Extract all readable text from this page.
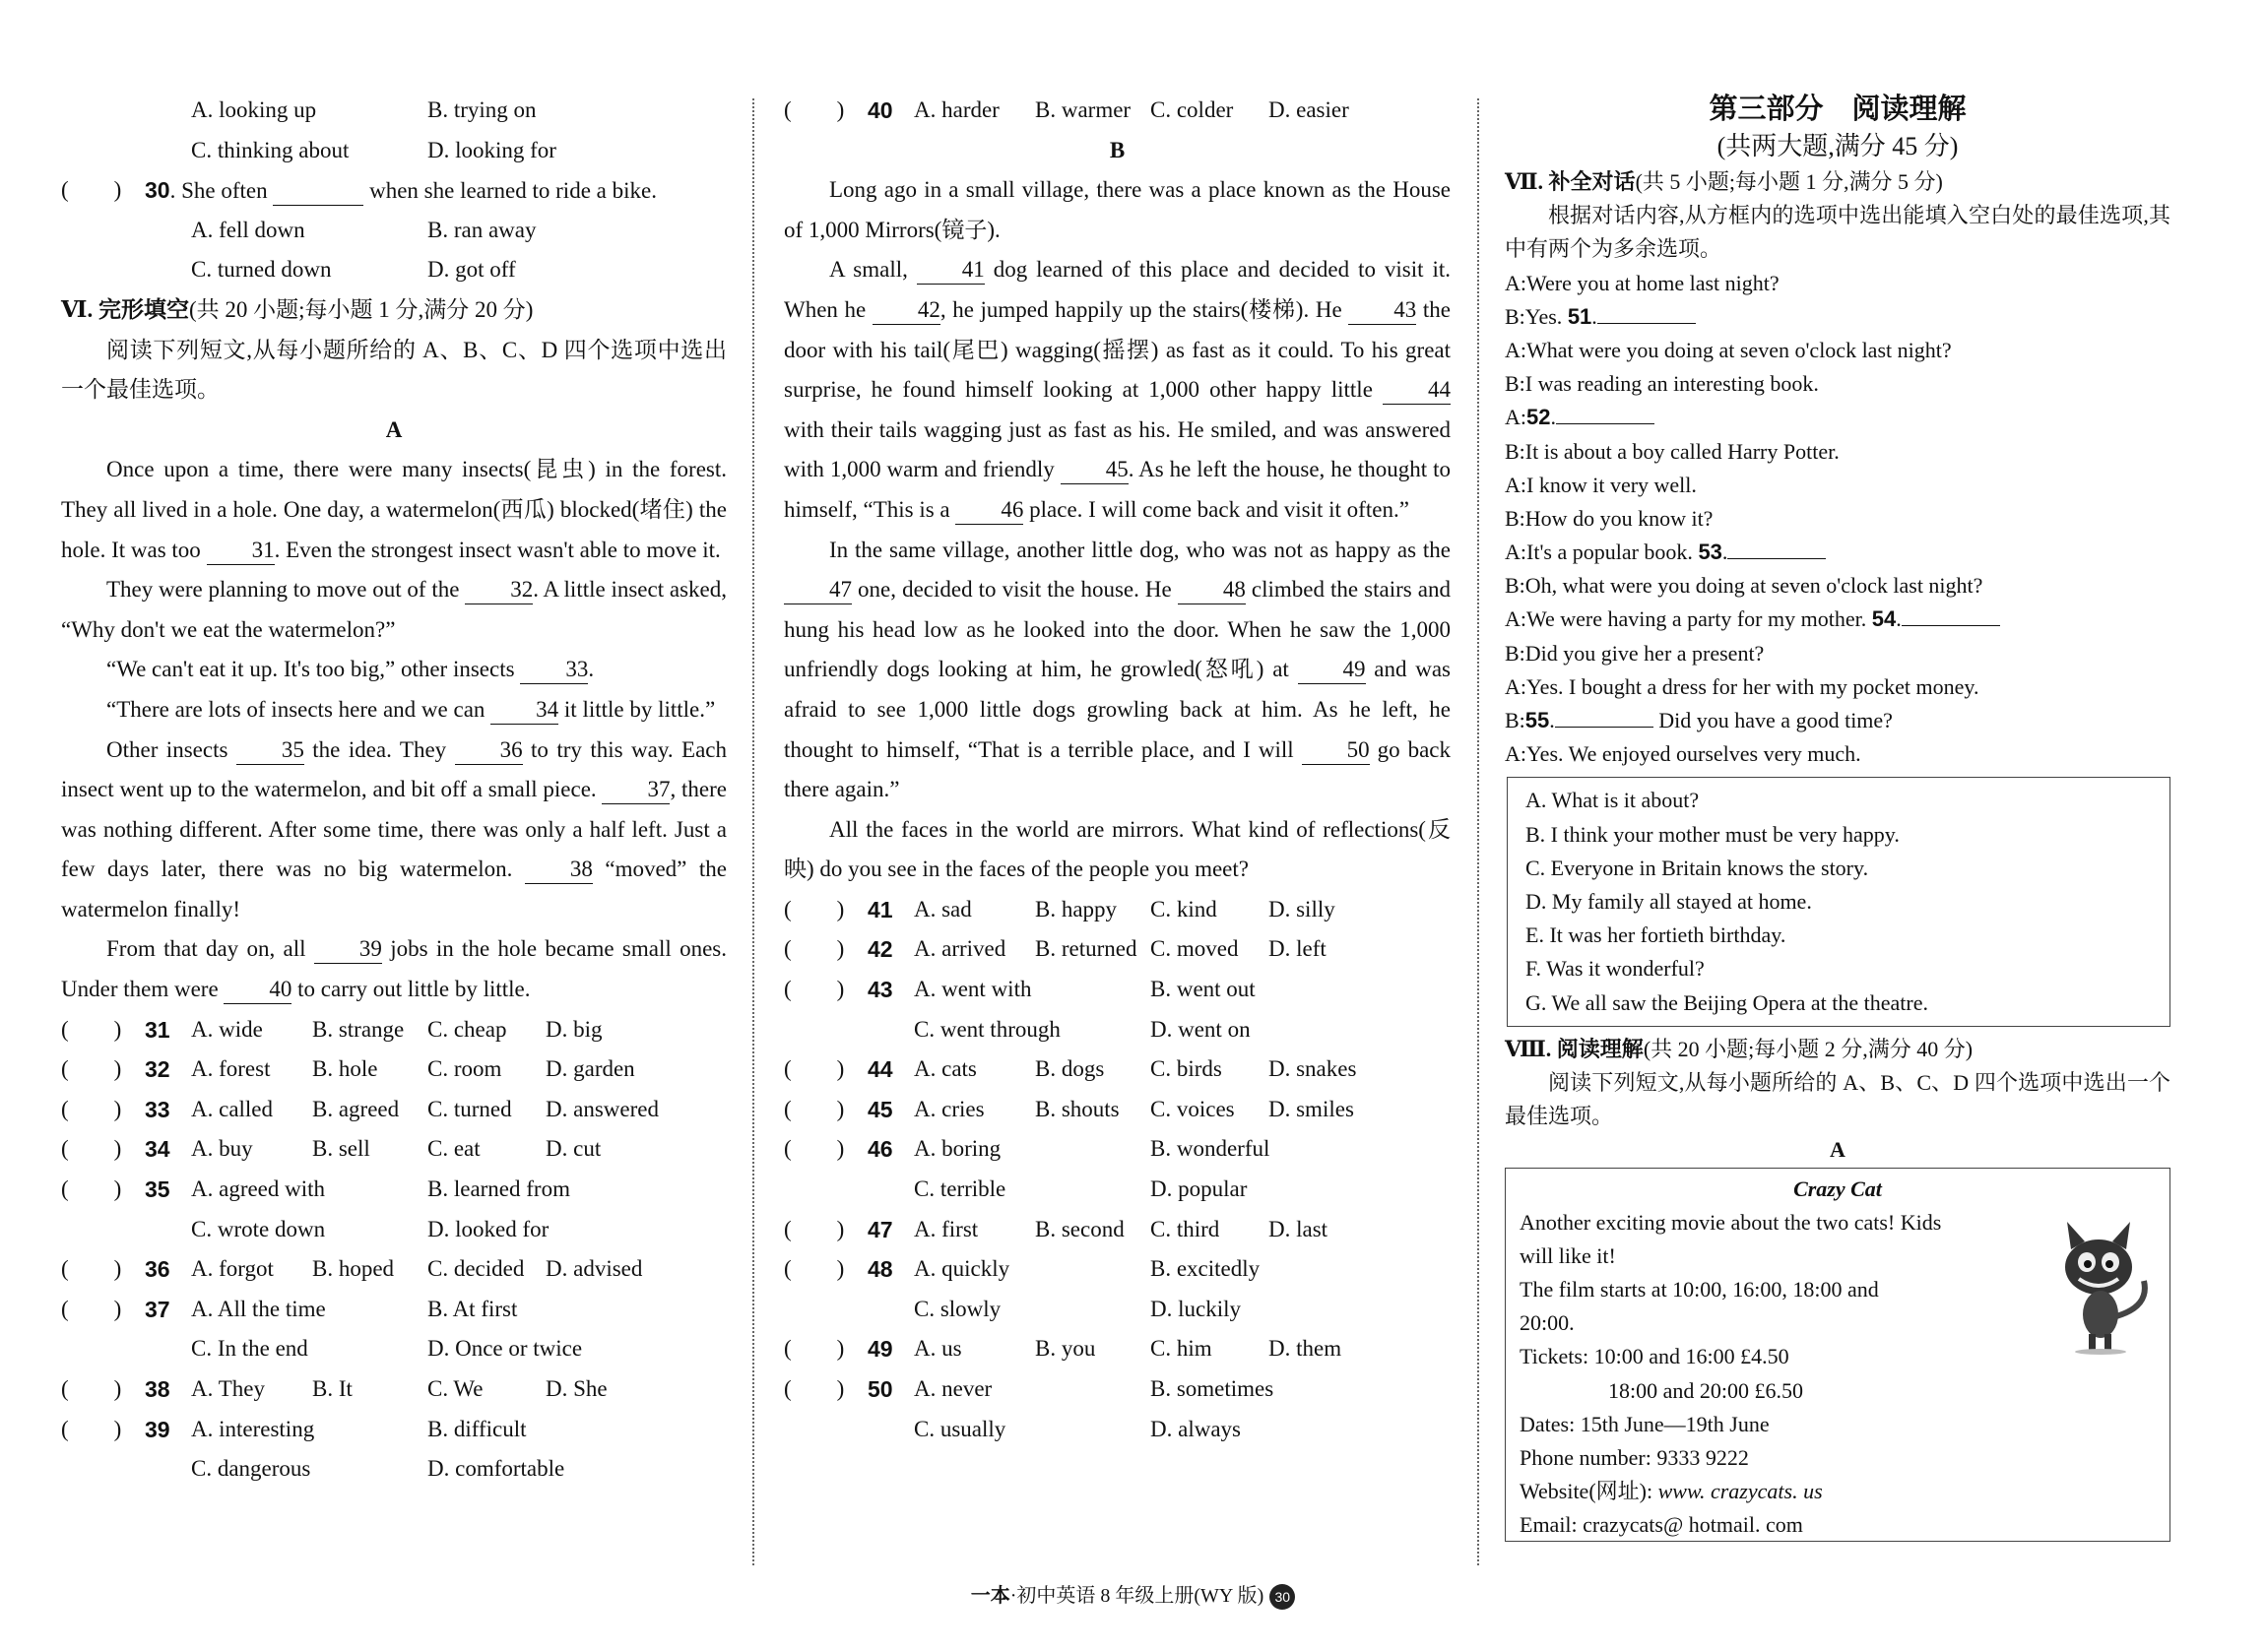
A. looking up	B. trying on
C. thinking about	D. looking for
(　　) 30. She often	when she learned to ride a bike.
A. fell down	B. ran away
C. turned down	D. got off
Ⅵ. 完形填空(共 20 小题;每小题 1 分,满分 20 分)

阅读下列短文,从每小题所给的 A、B、C、D 四个选项中选出一个最佳选项。

A

Once upon a time, there were many insects(昆虫) in the forest. They all lived in a hole. One day, a watermelon(西瓜) blocked(堵住) the hole. It was too 31. Even the strongest insect wasn't able to move it.

They were planning to move out of the 32. A little insect asked, “Why don't we eat the watermelon?”

“We can't eat it up. It's too big,” other insects 33.

“There are lots of insects here and we can 34 it little by little.”

Other insects 35 the idea. They 36 to try this way. Each insect went up to the watermelon, and bit off a small piece. 37, there was nothing different. After some time, there was only a half left. Just a few days later, there was no big watermelon. 38 “moved” the watermelon finally!

From that day on, all 39 jobs in the hole became small ones. Under them were 40 to carry out little by little.

(　　) 31 A. wide B. strange C. cheap D. big
(　　) 32 A. forest B. hole C. room D. garden
(　　) 33 A. called B. agreed C. turned D. answered
(　　) 34 A. buy	B. sell	C. eat	D. cut
(　　) 35 A. agreed with	B. learned from
C. wrote down	D. looked for
(　　) 36 A. forgot B. hoped C. decided D. advised
(　　) 37 A. All the time	B. At first
C. In the end	D. Once or twice
(　　) 38 A. They B. It	C. We	D. She
(　　) 39 A. interesting	B. difficult
C. dangerous	D. comfortable
(　　) 40 A. harder B. warmer C. colder D. easier
B

Long ago in a small village, there was a place known as the House of 1,000 Mirrors(镜子).

A small, 41 dog learned of this place and decided to visit it. When he 42, he jumped happily up the stairs(楼梯). He 43 the door with his tail(尾巴) wagging(摇摆) as fast as it could. To his great surprise, he found himself looking at 1,000 other happy little 44 with their tails wagging just as fast as his. He smiled, and was answered with 1,000 warm and friendly 45. As he left the house, he thought to himself, “This is a 46 place. I will come back and visit it often.”

In the same village, another little dog, who was not as happy as the 47 one, decided to visit the house. He 48 climbed the stairs and hung his head low as he looked into the door. When he saw the 1,000 unfriendly dogs looking at him, he growled(怒吼) at 49 and was afraid to see 1,000 little dogs growling back at him. As he left, he thought to himself, “That is a terrible place, and I will 50 go back there again.”

All the faces in the world are mirrors. What kind of reflections(反映) do you see in the faces of the people you meet?

(　　) 41 A. sad	B. happy C. kind D. silly
(　　) 42 A. arrived B. returned C. moved D. left
(　　) 43 A. went with	B. went out
C. went through	D. went on
(　　) 44 A. cats	B. dogs C. birds D. snakes
(　　) 45 A. cries B. shouts C. voices D. smiles
(　　) 46 A. boring	B. wonderful
C. terrible	D. popular
(　　) 47 A. first	B. second C. third D. last
(　　) 48 A. quickly	B. excitedly
C. slowly	D. luckily
(　　) 49 A. us	B. you C. him D. them
(　　) 50 A. never	B. sometimes
C. usually	D. always
第三部分　阅读理解
(共两大题,满分 45 分)
Ⅶ. 补全对话(共 5 小题;每小题 1 分,满分 5 分)

根据对话内容,从方框内的选项中选出能填入空白处的最佳选项,其中有两个为多余选项。

A:Were you at home last night?
B:Yes. 51.
A:What were you doing at seven o'clock last night?
B:I was reading an interesting book.
A:52.
B:It is about a boy called Harry Potter.
A:I know it very well.
B:How do you know it?
A:It's a popular book. 53.
B:Oh, what were you doing at seven o'clock last night?
A:We were having a party for my mother. 54.
B:Did you give her a present?
A:Yes. I bought a dress for her with my pocket money.
B:55.	Did you have a good time?
A:Yes. We enjoyed ourselves very much.
A. What is it about?
B. I think your mother must be very happy.
C. Everyone in Britain knows the story.
D. My family all stayed at home.
E. It was her fortieth birthday.
F. Was it wonderful?
G. We all saw the Beijing Opera at the theatre.
Ⅷ. 阅读理解(共 20 小题;每小题 2 分,满分 40 分)

阅读下列短文,从每小题所给的 A、B、C、D 四个选项中选出一个最佳选项。

A
Crazy Cat
Another exciting movie about the two cats! Kids
will like it!
The film starts at 10:00, 16:00, 18:00 and
20:00.
Tickets: 10:00 and 16:00 £4.50
18:00 and 20:00 £6.50
Dates: 15th June—19th June
Phone number: 9333 9222
Website(网址): www. crazycats. us
Email: crazycats@ hotmail. com
一本·初中英语 8 年级上册(WY 版) 30
